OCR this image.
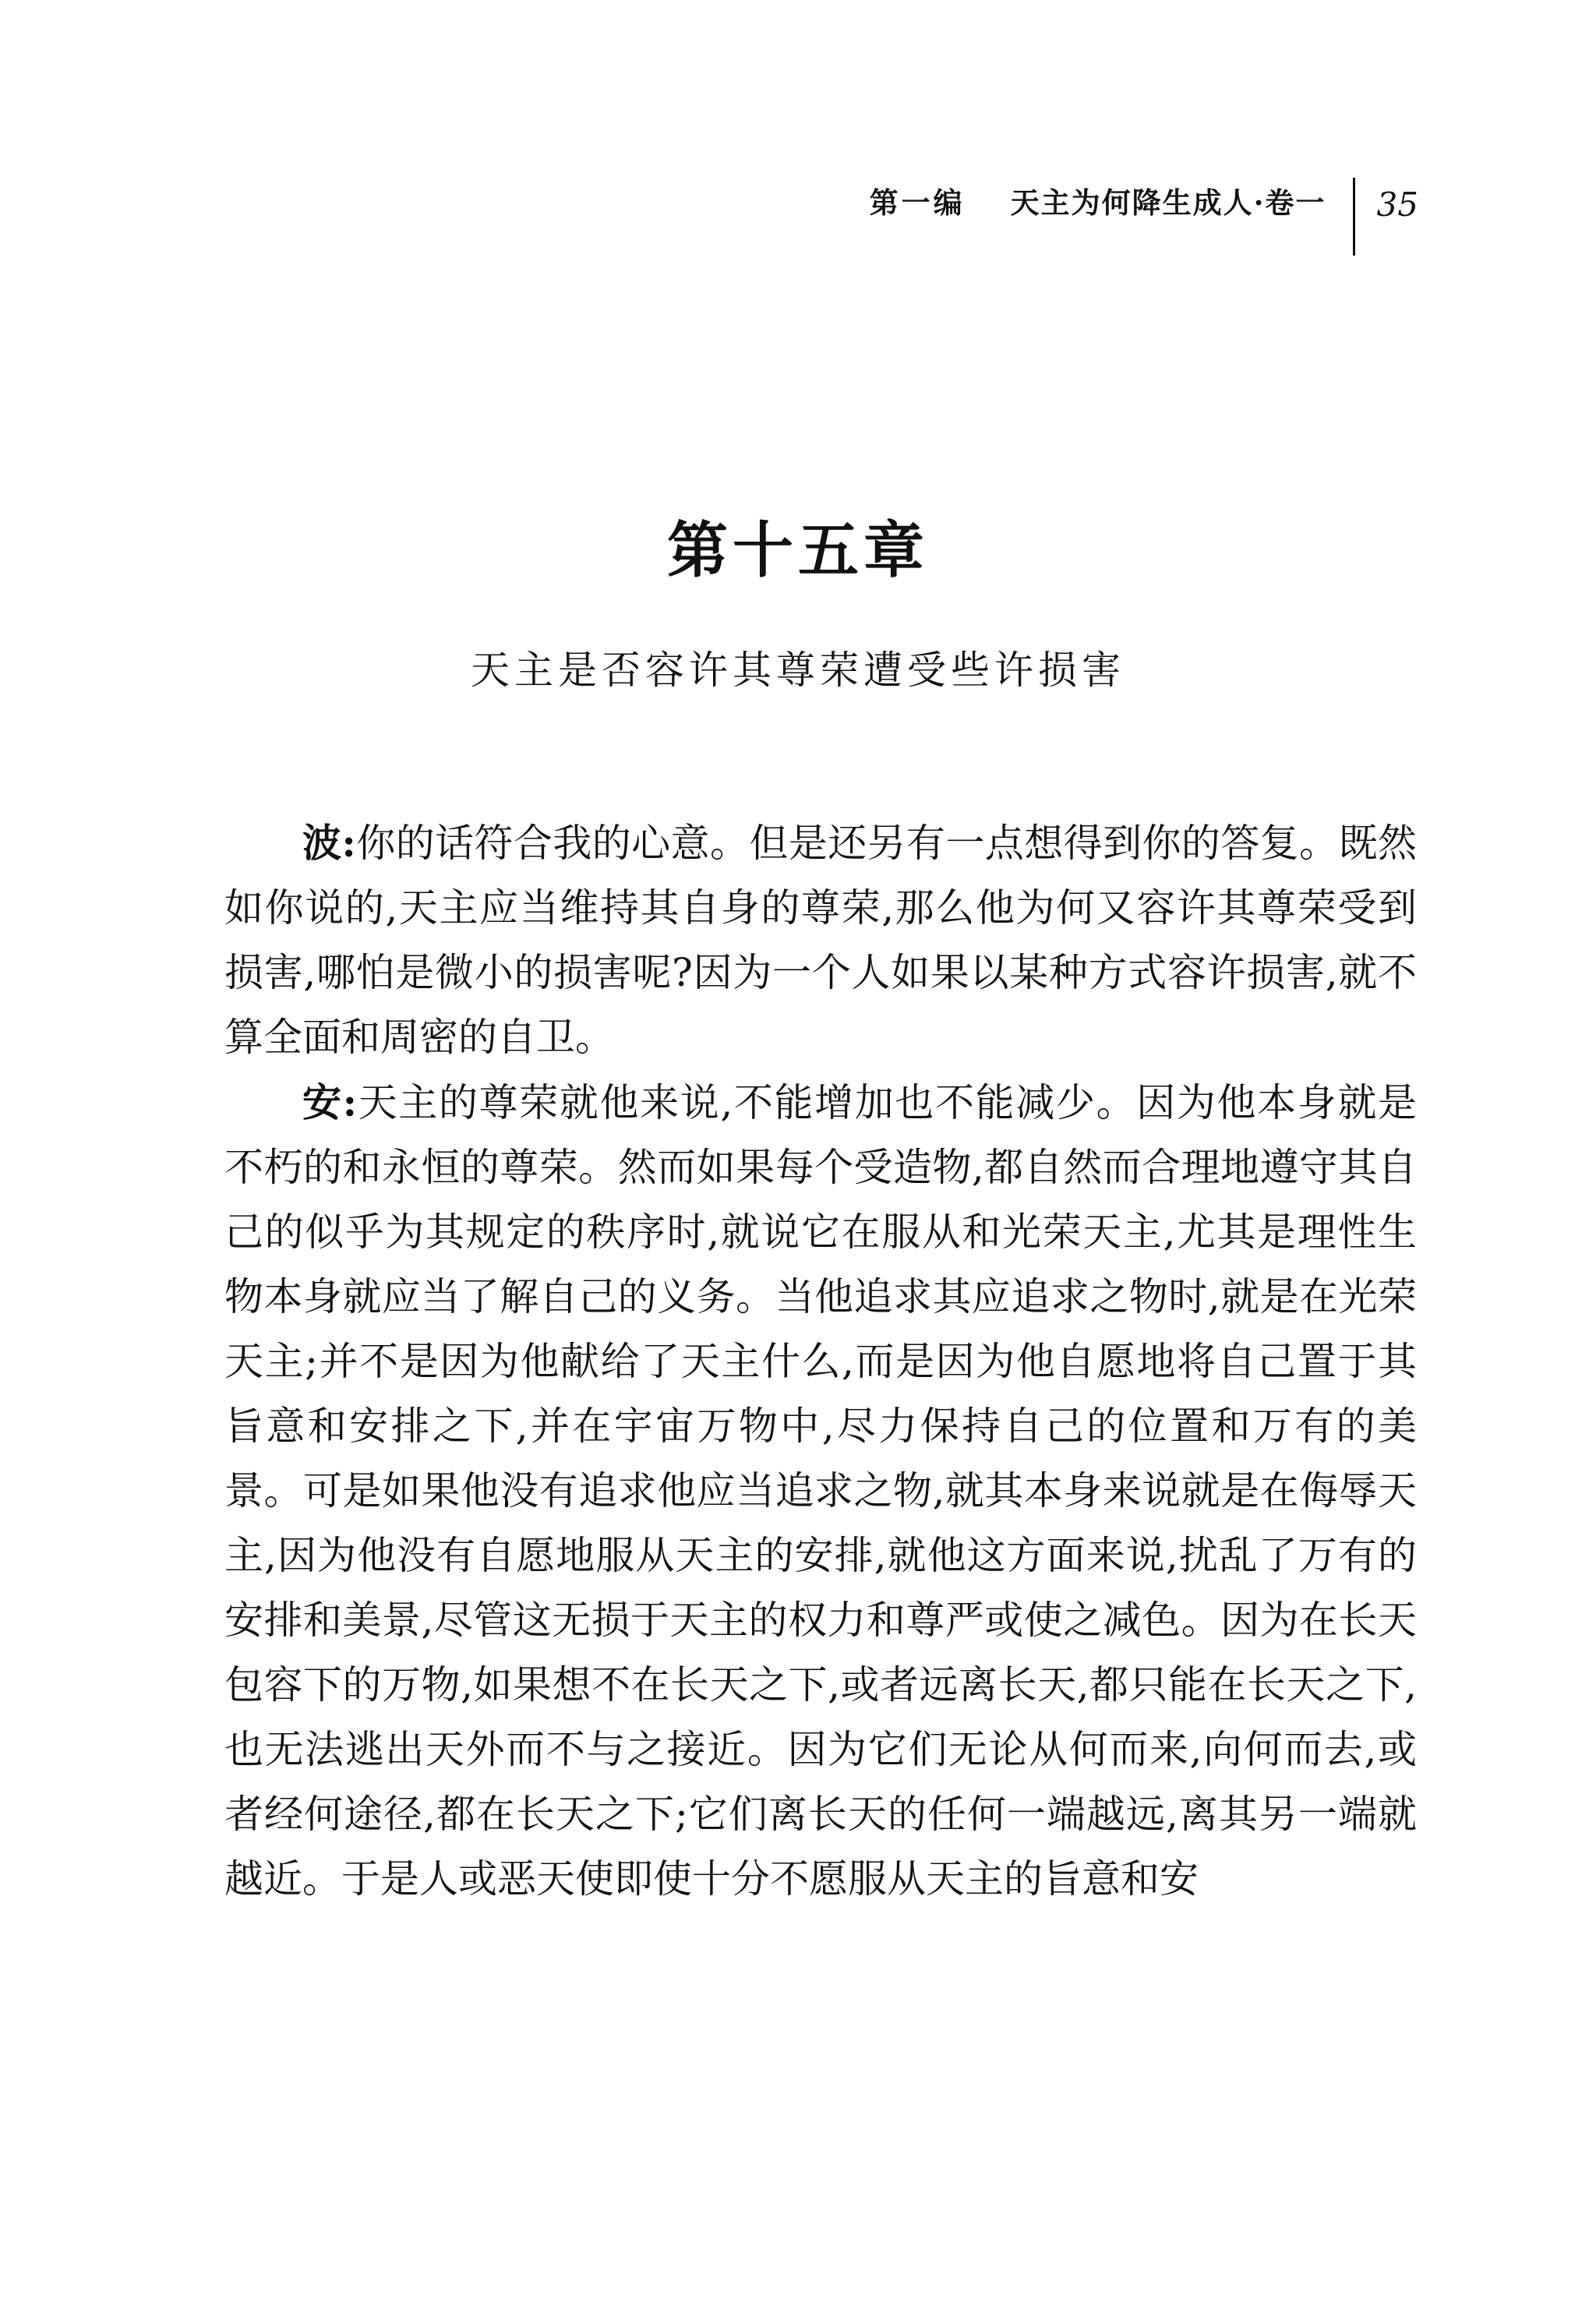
第一编 天主为何降生成人·卷一 35
第十五章
天主是否容许其尊荣遭受些许损害

波:你的话符合我的心意。但是还另有一点想得到你的答复。既然如你说的,天主应当维持其自身的尊荣,那么他为何又容许其尊荣受到损害,哪怕是微小的损害呢?因为一个人如果以某种方式容许损害,就不算全面和周密的自卫。

安:天主的尊荣就他来说,不能增加也不能减少。因为他本身就是不朽的和永恒的尊荣。然而如果每个受造物,都自然而合理地遵守其自己的似乎为其规定的秩序时,就说它在服从和光荣天主,尤其是理性生物本身就应当了解自己的义务。当他追求其应追求之物时,就是在光荣天主;并不是因为他献给了天主什么,而是因为他自愿地将自己置于其旨意和安排之下,并在宇宙万物中,尽力保持自己的位置和万有的美景。可是如果他没有追求他应当追求之物,就其本身来说就是在侮辱天主,因为他没有自愿地服从天主的安排,就他这方面来说,扰乱了万有的安排和美景,尽管这无损于天主的权力和尊严或使之减色。因为在长天包容下的万物,如果想不在长天之下,或者远离长天,都只能在长天之下,也无法逃出天外而不与之接近。因为它们无论从何而来,向何而去,或者经何途径,都在长天之下;它们离长天的任何一端越远,离其另一端就越近。于是人或恶天使即使十分不愿服从天主的旨意和安
